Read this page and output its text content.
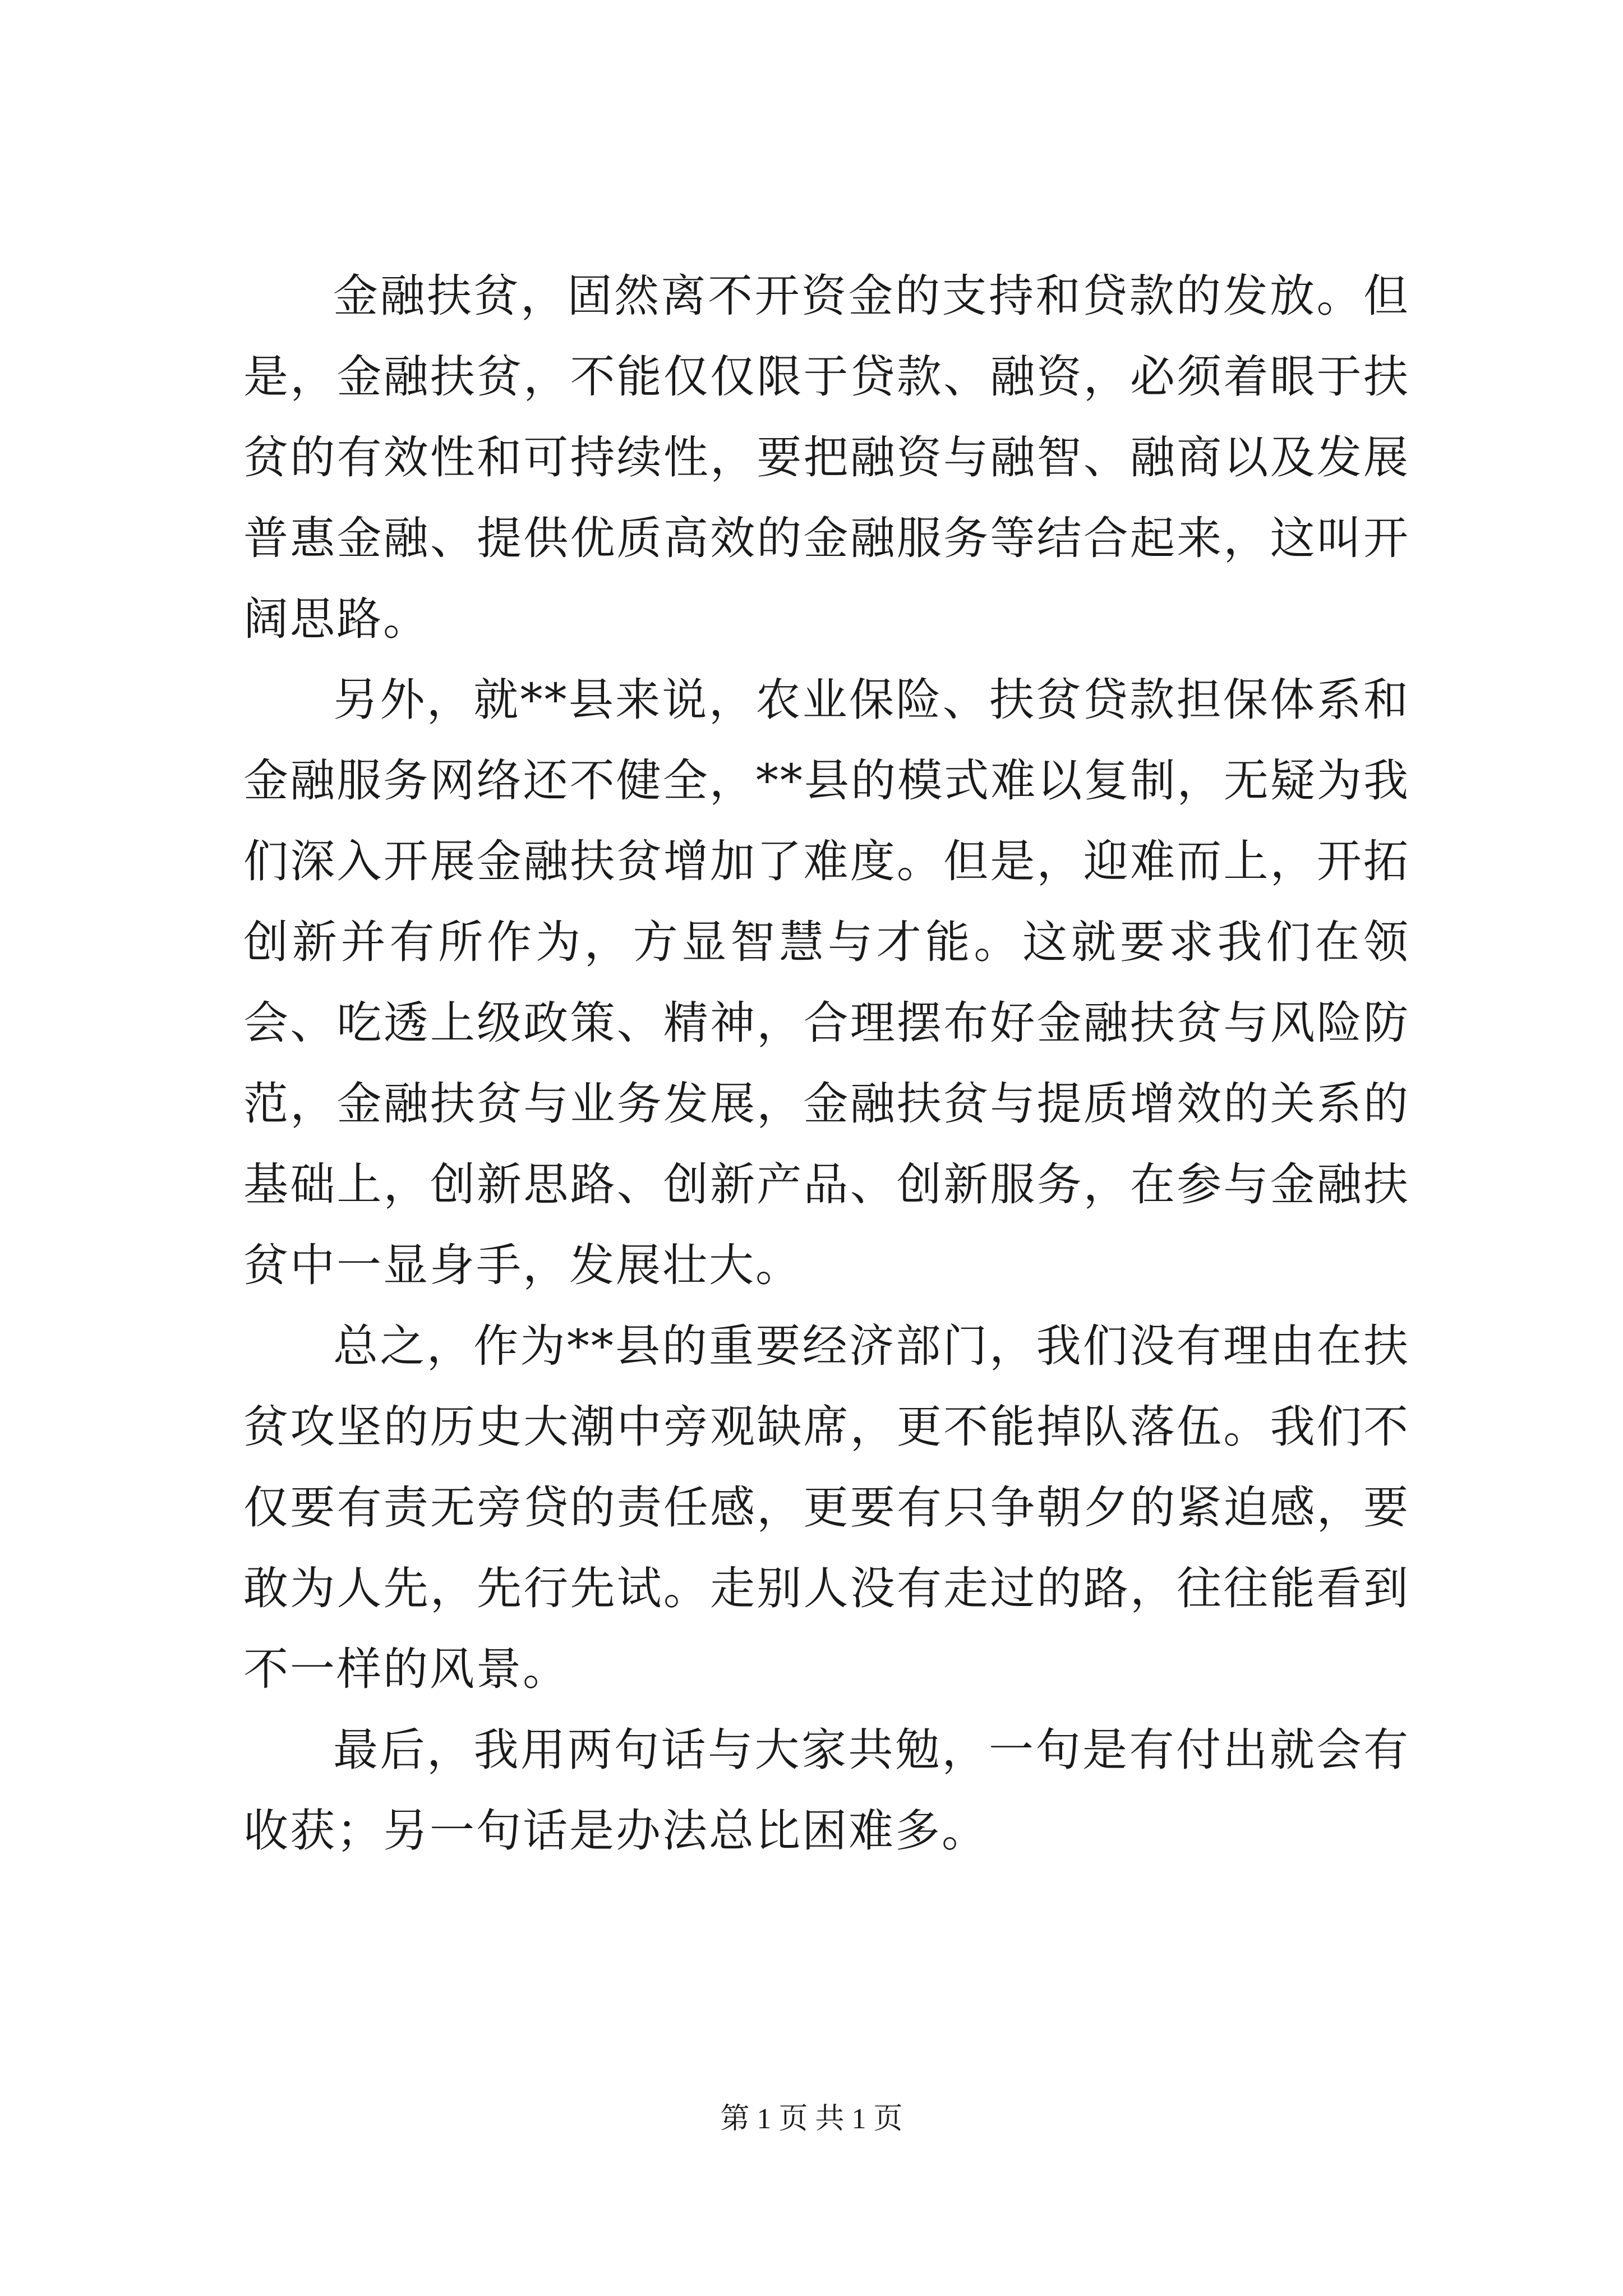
金融扶贫，固然离不开资金的支持和贷款的发放。但是，金融扶贫，不能仅仅限于贷款、融资，必须着眼于扶贫的有效性和可持续性，要把融资与融智、融商以及发展普惠金融、提供优质高效的金融服务等结合起来，这叫开阔思路。

另外，就**县来说，农业保险、扶贫贷款担保体系和金融服务网络还不健全，**县的模式难以复制，无疑为我们深入开展金融扶贫增加了难度。但是，迎难而上，开拓创新并有所作为，方显智慧与才能。这就要求我们在领会、吃透上级政策、精神，合理摆布好金融扶贫与风险防范，金融扶贫与业务发展，金融扶贫与提质增效的关系的基础上，创新思路、创新产品、创新服务，在参与金融扶贫中一显身手，发展壮大。

总之，作为**县的重要经济部门，我们没有理由在扶贫攻坚的历史大潮中旁观缺席，更不能掉队落伍。我们不仅要有责无旁贷的责任感，更要有只争朝夕的紧迫感，要敢为人先，先行先试。走别人没有走过的路，往往能看到不一样的风景。

最后，我用两句话与大家共勉，一句是有付出就会有收获；另一句话是办法总比困难多。

第 1 页 共 1 页
